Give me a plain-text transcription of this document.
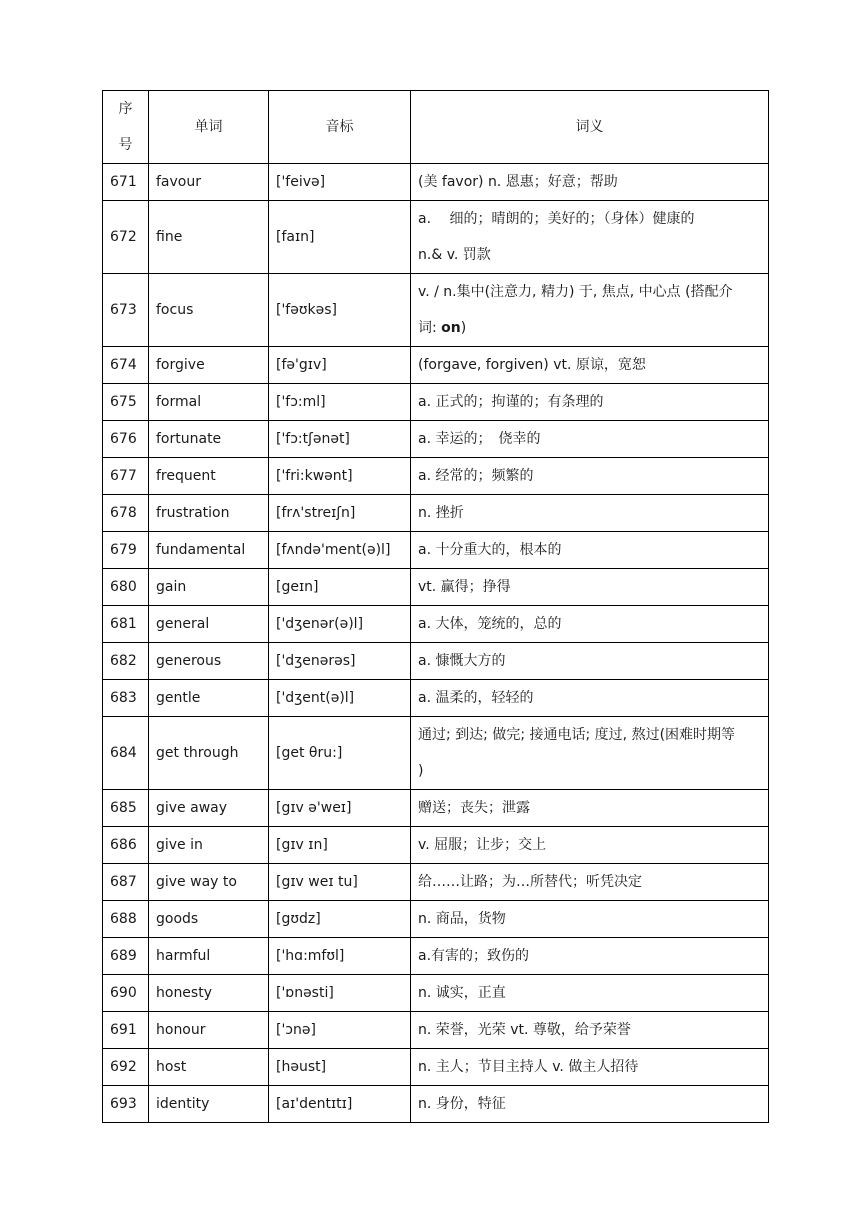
序
号	单词	音标	词义
671	favour	['feivə]	(美 favor) n. 恩惠；好意；帮助
672	fine	[faɪn]	a.　 细的；晴朗的；美好的；（身体）健康的
n.& v. 罚款
673	focus	['fəʊkəs]	v. / n.集中(注意力, 精力) 于, 焦点, 中心点 (搭配介
词: on)
674	forgive	[fə'gɪv]	(forgave, forgiven) vt. 原谅，宽恕
675	formal	['fɔ:ml]	a. 正式的；拘谨的；有条理的
676	fortunate	['fɔ:tʃənət]	a. 幸运的；　侥幸的
677	frequent	['fri:kwənt]	a. 经常的；频繁的
678	frustration	[frʌ'streɪʃn]	n. 挫折
679	fundamental	[fʌndə'ment(ə)l]	a. 十分重大的，根本的
680	gain	[geɪn]	vt. 赢得；挣得
681	general	['dʒenər(ə)l]	a. 大体，笼统的，总的
682	generous	['dʒenərəs]	a. 慷慨大方的
683	gentle	['dʒent(ə)l]	a. 温柔的，轻轻的
684	get through	[get θru:]	通过; 到达; 做完; 接通电话; 度过, 熬过(困难时期等
)
685	give away	[gɪv ə'weɪ]	赠送；丧失；泄露
686	give in	[gɪv ɪn]	v. 屈服；让步；交上
687	give way to	[gɪv weɪ tu]	给……让路；为…所替代；听凭决定
688	goods	[gʊdz]	n. 商品，货物
689	harmful	['hɑ:mfʊl]	a.有害的；致伤的
690	honesty	['ɒnəsti]	n. 诚实，正直
691	honour	['ɔnə]	n. 荣誉，光荣 vt. 尊敬，给予荣誉
692	host	[həust]	n. 主人；节目主持人 v. 做主人招待
693	identity	[aɪ'dentɪtɪ]	n. 身份，特征
